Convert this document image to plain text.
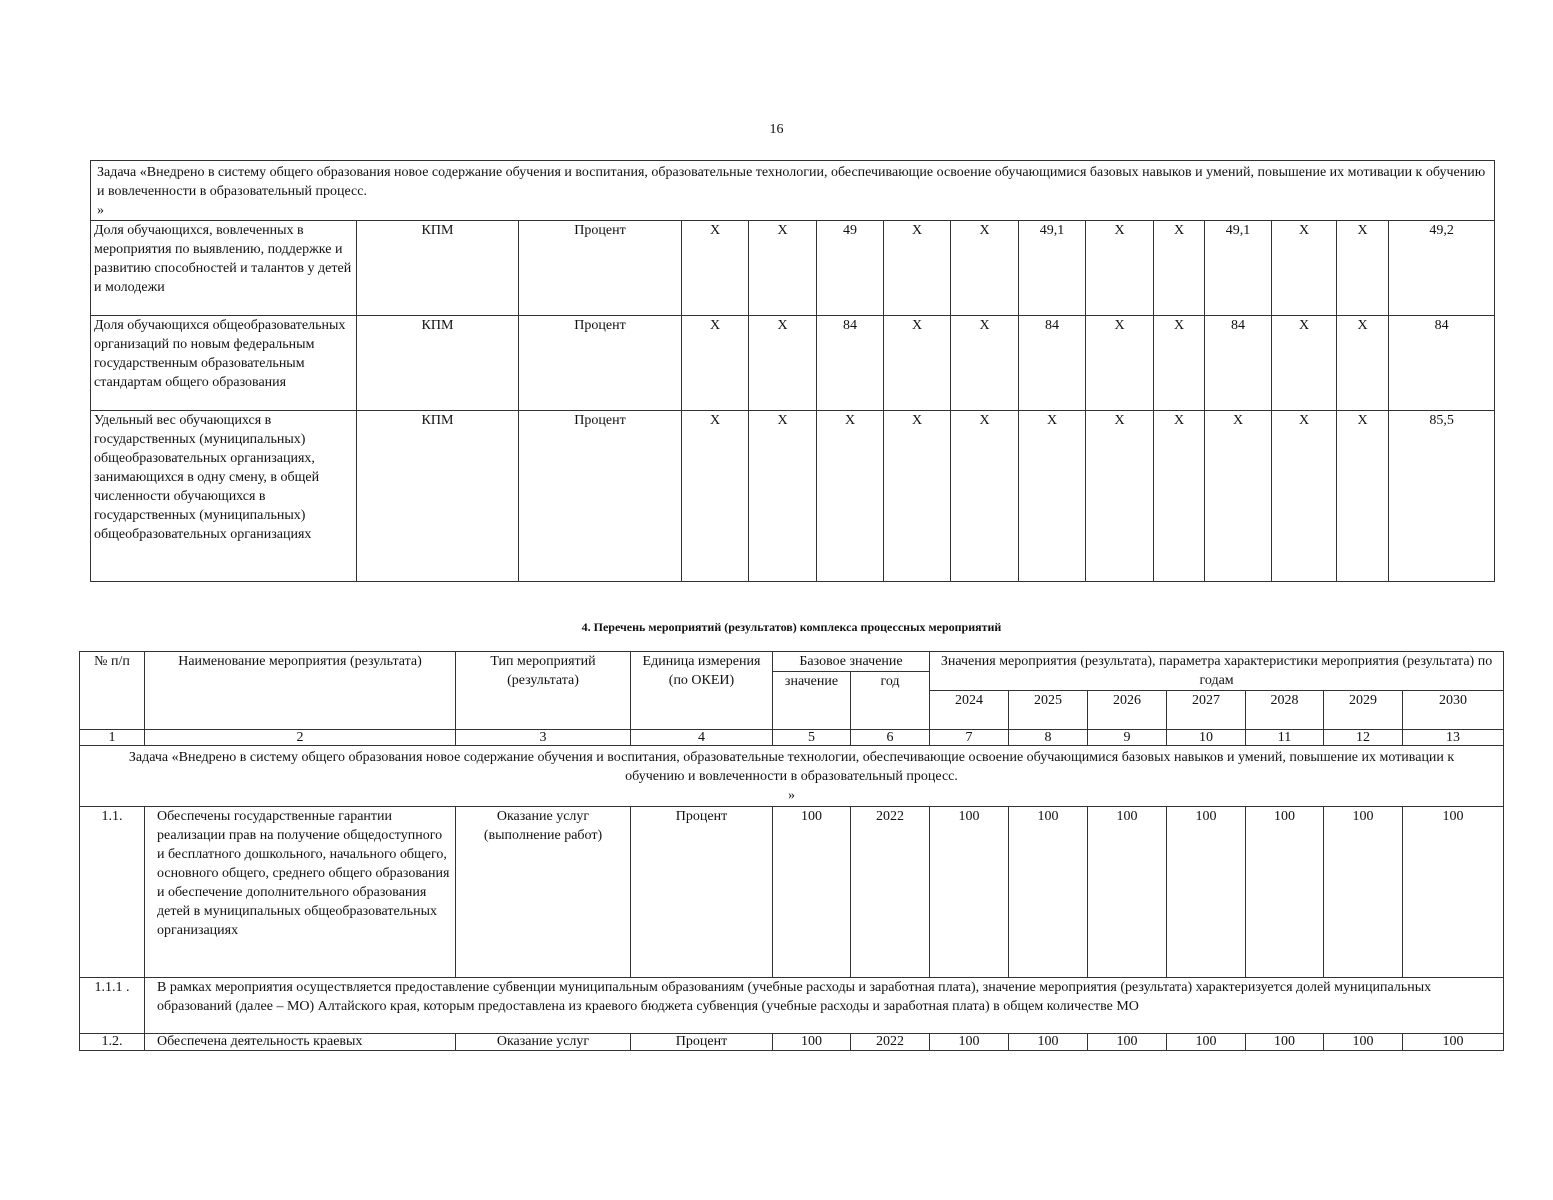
16
Задача «Внедрено в систему общего образования новое содержание обучения и воспитания, образовательные технологии, обеспечивающие освоение обучающимися базовых навыков и умений, повышение их мотивации к обучению и вовлеченности в образовательный процесс.
»														

Доля обучающихся, вовлеченных в мероприятия по выявлению, поддержке и развитию способностей и талантов у детей и молодежи	КПМ	Процент	X	X	49	X	X	49,1	X	X	49,1	X	X	49,2
Доля обучающихся общеобразовательных организаций по новым федеральным государственным образовательным стандартам общего образования	КПМ	Процент	X	X	84	X	X	84	X	X	84	X	X	84
Удельный вес обучающихся в государственных (муниципальных) общеобразовательных организациях, занимающихся в одну смену, в общей численности обучающихся в государственных (муниципальных) общеобразовательных организациях	КПМ	Процент	X	X	X	X	X	X	X	X	X	X	X	85,5
4. Перечень мероприятий (результатов) комплекса процессных мероприятий
№ п/п	Наименование мероприятия (результата)	Тип мероприятий (результата)	Единица измерения (по ОКЕИ)	Базовое значение		Значения мероприятия (результата), параметра характеристики мероприятия (результата) по годам						
				значение	год							
						2024	2025	2026	2027	2028	2029	2030
1	2	3	4	5	6	7	8	9	10	11	12	13

Задача «Внедрено в систему общего образования новое содержание обучения и воспитания, образовательные технологии, обеспечивающие освоение обучающимися базовых навыков и умений, повышение их мотивации к обучению и вовлеченности в образовательный процесс.
»												

1.1.	Обеспечены государственные гарантии реализации прав на получение общедоступного и бесплатного дошкольного, начального общего, основного общего, среднего общего образования и обеспечение дополнительного образования детей в муниципальных общеобразовательных организациях	Оказание услуг (выполнение работ)	Процент	100	2022	100	100	100	100	100	100	100
1.1.1 .	В рамках мероприятия осуществляется предоставление субвенции муниципальным образованиям (учебные расходы и заработная плата), значение мероприятия (результата) характеризуется долей муниципальных образований (далее – МО) Алтайского края, которым предоставлена из краевого бюджета субвенция (учебные расходы и заработная плата) в общем количестве МО											
1.2.	Обеспечена деятельность краевых	Оказание услуг	Процент	100	2022	100	100	100	100	100	100	100
